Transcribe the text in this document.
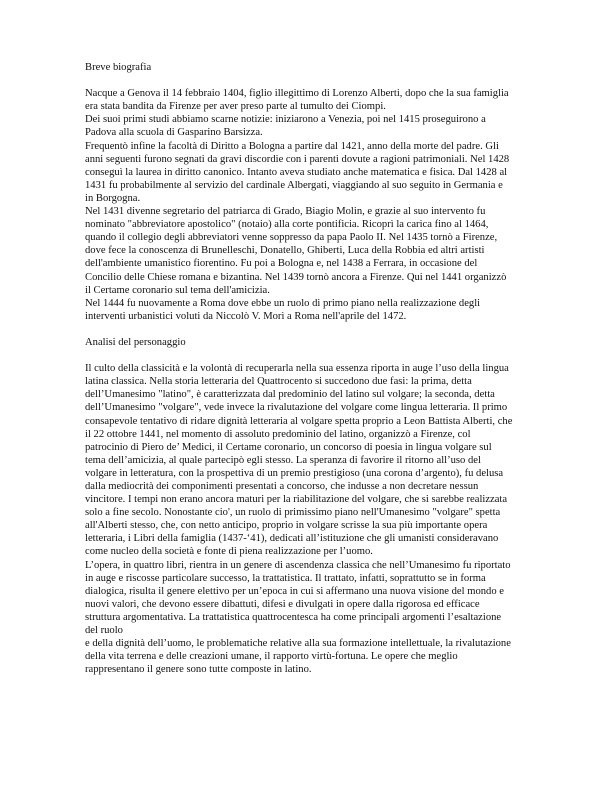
Breve biografia
Nacque a Genova il 14 febbraio 1404, figlio illegittimo di Lorenzo Alberti, dopo che la sua famiglia
era stata bandita da Firenze per aver preso parte al tumulto dei Ciompi.
Dei suoi primi studi abbiamo scarne notizie: iniziarono a Venezia, poi nel 1415 proseguirono a
Padova alla scuola di Gasparino Barsizza.
Frequentò infine la facoltà di Diritto a Bologna a partire dal 1421, anno della morte del padre. Gli
anni seguenti furono segnati da gravi discordie con i parenti dovute a ragioni patrimoniali. Nel 1428
conseguì la laurea in diritto canonico. Intanto aveva studiato anche matematica e fisica. Dal 1428 al
1431 fu probabilmente al servizio del cardinale Albergati, viaggiando al suo seguito in Germania e
in Borgogna.
Nel 1431 divenne segretario del patriarca di Grado, Biagio Molin, e grazie al suo intervento fu
nominato "abbreviatore apostolico" (notaio) alla corte pontificia. Ricoprì la carica fino al 1464,
quando il collegio degli abbreviatori venne soppresso da papa Paolo II. Nel 1435 tornò a Firenze,
dove fece la conoscenza di Brunelleschi, Donatello, Ghiberti, Luca della Robbia ed altri artisti
dell'ambiente umanistico fiorentino. Fu poi a Bologna e, nel 1438 a Ferrara, in occasione del
Concilio delle Chiese romana e bizantina. Nel 1439 tornò ancora a Firenze. Qui nel 1441 organizzò
il Certame coronario sul tema dell'amicizia.
Nel 1444 fu nuovamente a Roma dove ebbe un ruolo di primo piano nella realizzazione degli
interventi urbanistici voluti da Niccolò V. Morì a Roma nell'aprile del 1472.
Analisi del personaggio
Il culto della classicità e la volontà di recuperarla nella sua essenza riporta in auge l’uso della lingua
latina classica. Nella storia letteraria del Quattrocento si succedono due fasi: la prima, detta
dell’Umanesimo "latino", è caratterizzata dal predominio del latino sul volgare; la seconda, detta
dell’Umanesimo "volgare", vede invece la rivalutazione del volgare come lingua letteraria. Il primo
consapevole tentativo di ridare dignità letteraria al volgare spetta proprio a Leon Battista Alberti, che
il 22 ottobre 1441, nel momento di assoluto predominio del latino, organizzò a Firenze, col
patrocinio di Piero de’ Medici, il Certame coronario, un concorso di poesia in lingua volgare sul
tema dell’amicizia, al quale partecipò egli stesso. La speranza di favorire il ritorno all’uso del
volgare in letteratura, con la prospettiva di un premio prestigioso (una corona d’argento), fu delusa
dalla mediocrità dei componimenti presentati a concorso, che indusse a non decretare nessun
vincitore. I tempi non erano ancora maturi per la riabilitazione del volgare, che si sarebbe realizzata
solo a fine secolo. Nonostante cio', un ruolo di primissimo piano nell'Umanesimo "volgare" spetta
all'Alberti stesso, che, con netto anticipo, proprio in volgare scrisse la sua più importante opera
letteraria, i Libri della famiglia (1437-‘41), dedicati all’istituzione che gli umanisti consideravano
come nucleo della società e fonte di piena realizzazione per l’uomo.
L’opera, in quattro libri, rientra in un genere di ascendenza classica che nell’Umanesimo fu riportato
in auge e riscosse particolare successo, la trattatistica. Il trattato, infatti, soprattutto se in forma
dialogica, risulta il genere elettivo per un’epoca in cui si affermano una nuova visione del mondo e
nuovi valori, che devono essere dibattuti, difesi e divulgati in opere dalla rigorosa ed efficace
struttura argomentativa. La trattatistica quattrocentesca ha come principali argomenti l’esaltazione
del ruolo
e della dignità dell’uomo, le problematiche relative alla sua formazione intellettuale, la rivalutazione
della vita terrena e delle creazioni umane, il rapporto virtù-fortuna. Le opere che meglio
rappresentano il genere sono tutte composte in latino.
